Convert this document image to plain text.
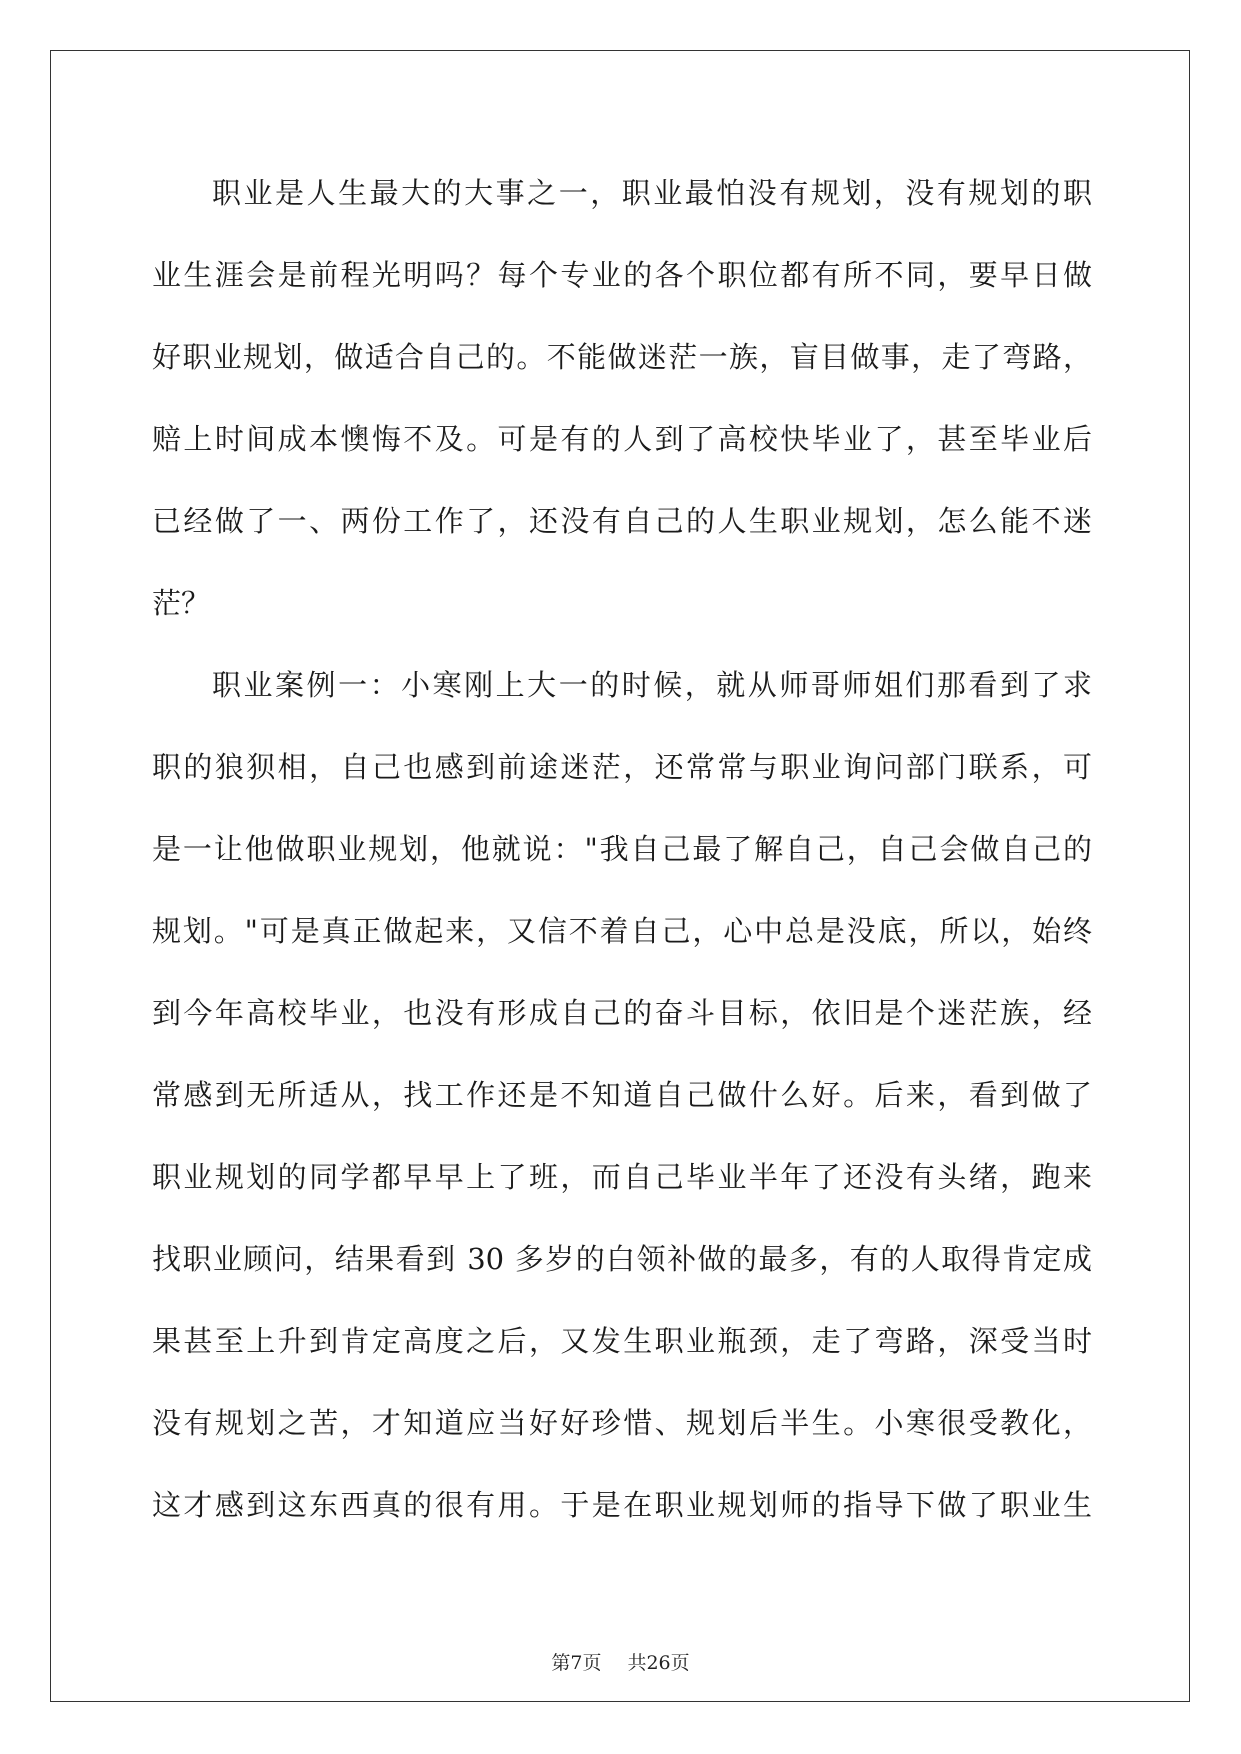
职业是人生最大的大事之一，职业最怕没有规划，没有规划的职
业生涯会是前程光明吗？每个专业的各个职位都有所不同，要早日做
好职业规划，做适合自己的。不能做迷茫一族，盲目做事，走了弯路，
赔上时间成本懊悔不及。可是有的人到了高校快毕业了，甚至毕业后
已经做了一、两份工作了，还没有自己的人生职业规划，怎么能不迷
茫？
职业案例一：小寒刚上大一的时候，就从师哥师姐们那看到了求
职的狼狈相，自己也感到前途迷茫，还常常与职业询问部门联系，可
是一让他做职业规划，他就说："我自己最了解自己，自己会做自己的
规划。"可是真正做起来，又信不着自己，心中总是没底，所以，始终
到今年高校毕业，也没有形成自己的奋斗目标，依旧是个迷茫族，经
常感到无所适从，找工作还是不知道自己做什么好。后来，看到做了
职业规划的同学都早早上了班，而自己毕业半年了还没有头绪，跑来
找职业顾问，结果看到 30 多岁的白领补做的最多，有的人取得肯定成
果甚至上升到肯定高度之后，又发生职业瓶颈，走了弯路，深受当时
没有规划之苦，才知道应当好好珍惜、规划后半生。小寒很受教化，
这才感到这东西真的很有用。于是在职业规划师的指导下做了职业生
第7页 共26页
